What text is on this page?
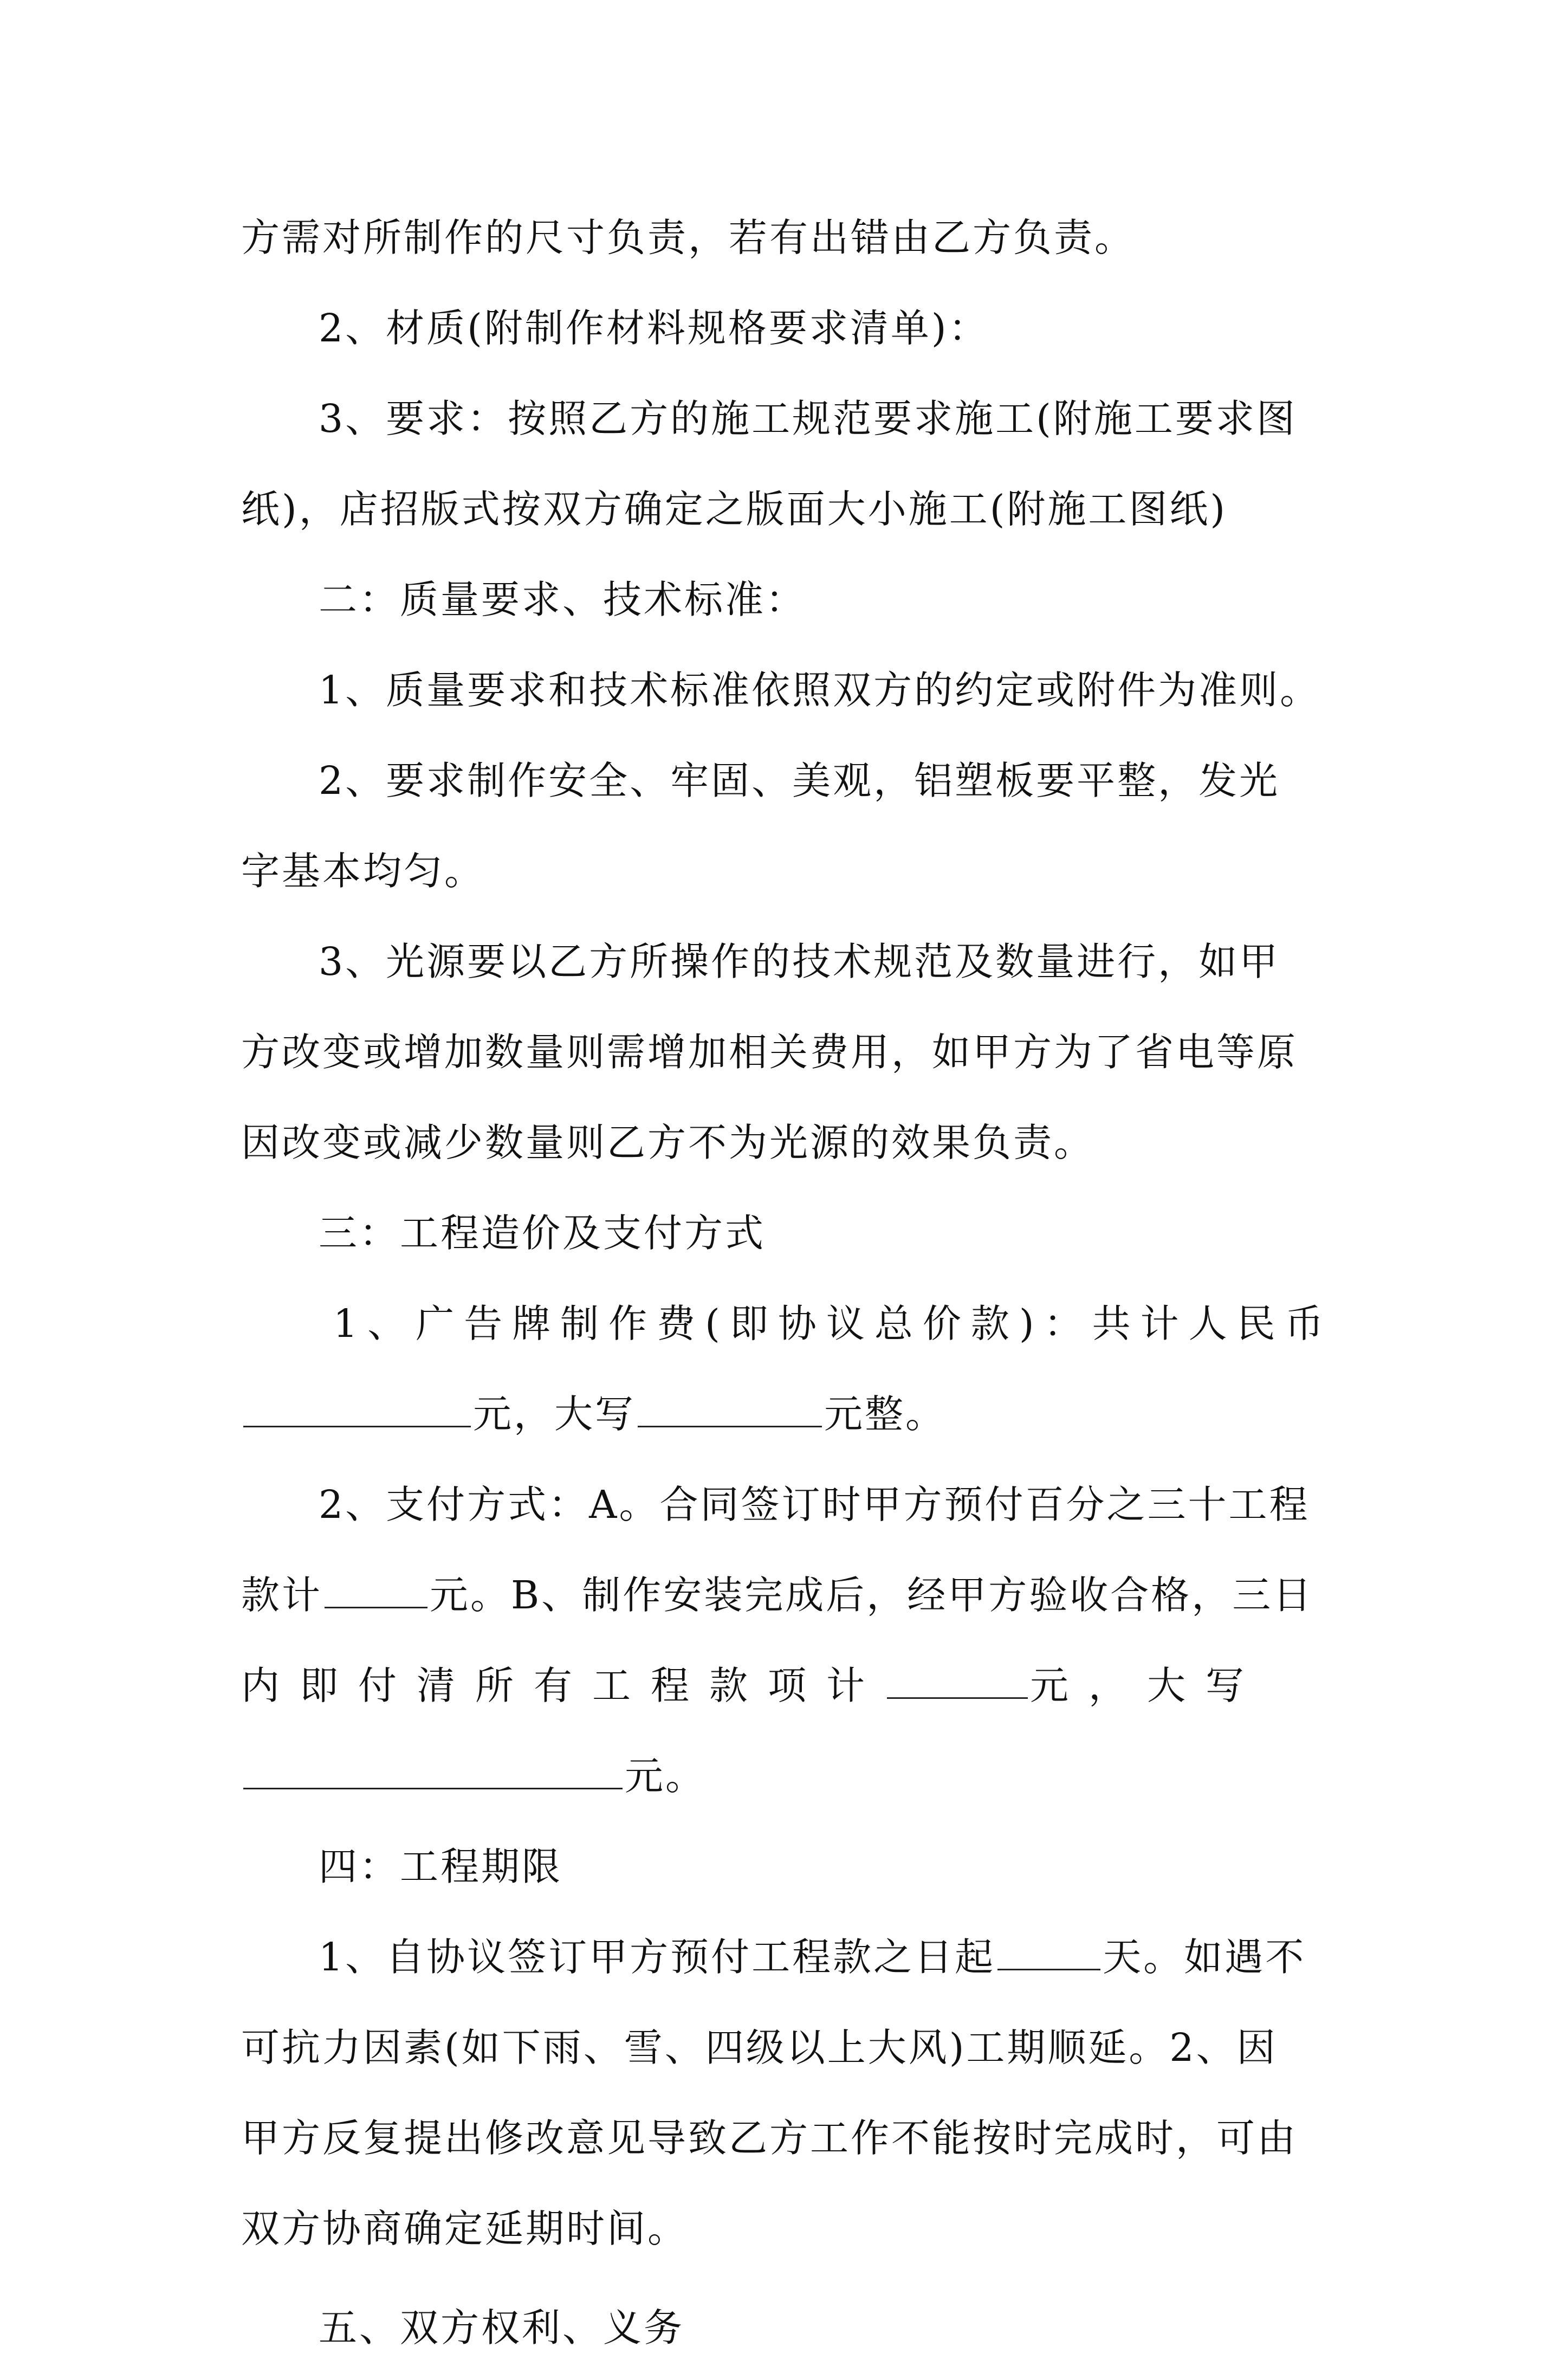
方需对所制作的尺寸负责，若有出错由乙方负责。
2、材质(附制作材料规格要求清单)：
3、要求：按照乙方的施工规范要求施工(附施工要求图
纸)，店招版式按双方确定之版面大小施工(附施工图纸)
二：质量要求、技术标准：
1、质量要求和技术标准依照双方的约定或附件为准则。
2、要求制作安全、牢固、美观，铝塑板要平整，发光
字基本均匀。
3、光源要以乙方所操作的技术规范及数量进行，如甲
方改变或增加数量则需增加相关费用，如甲方为了省电等原
因改变或减少数量则乙方不为光源的效果负责。
三：工程造价及支付方式
1、广告牌制作费(即协议总价款)：共计人民币
元，大写	元整。
2、支付方式：A。合同签订时甲方预付百分之三十工程
款计	元。B、制作安装完成后，经甲方验收合格，三日
内即付清所有工程款项计	元，大写
元。
四：工程期限
1、自协议签订甲方预付工程款之日起	天。如遇不
可抗力因素(如下雨、雪、四级以上大风)工期顺延。2、因
甲方反复提出修改意见导致乙方工作不能按时完成时，可由
双方协商确定延期时间。
五、双方权利、义务
